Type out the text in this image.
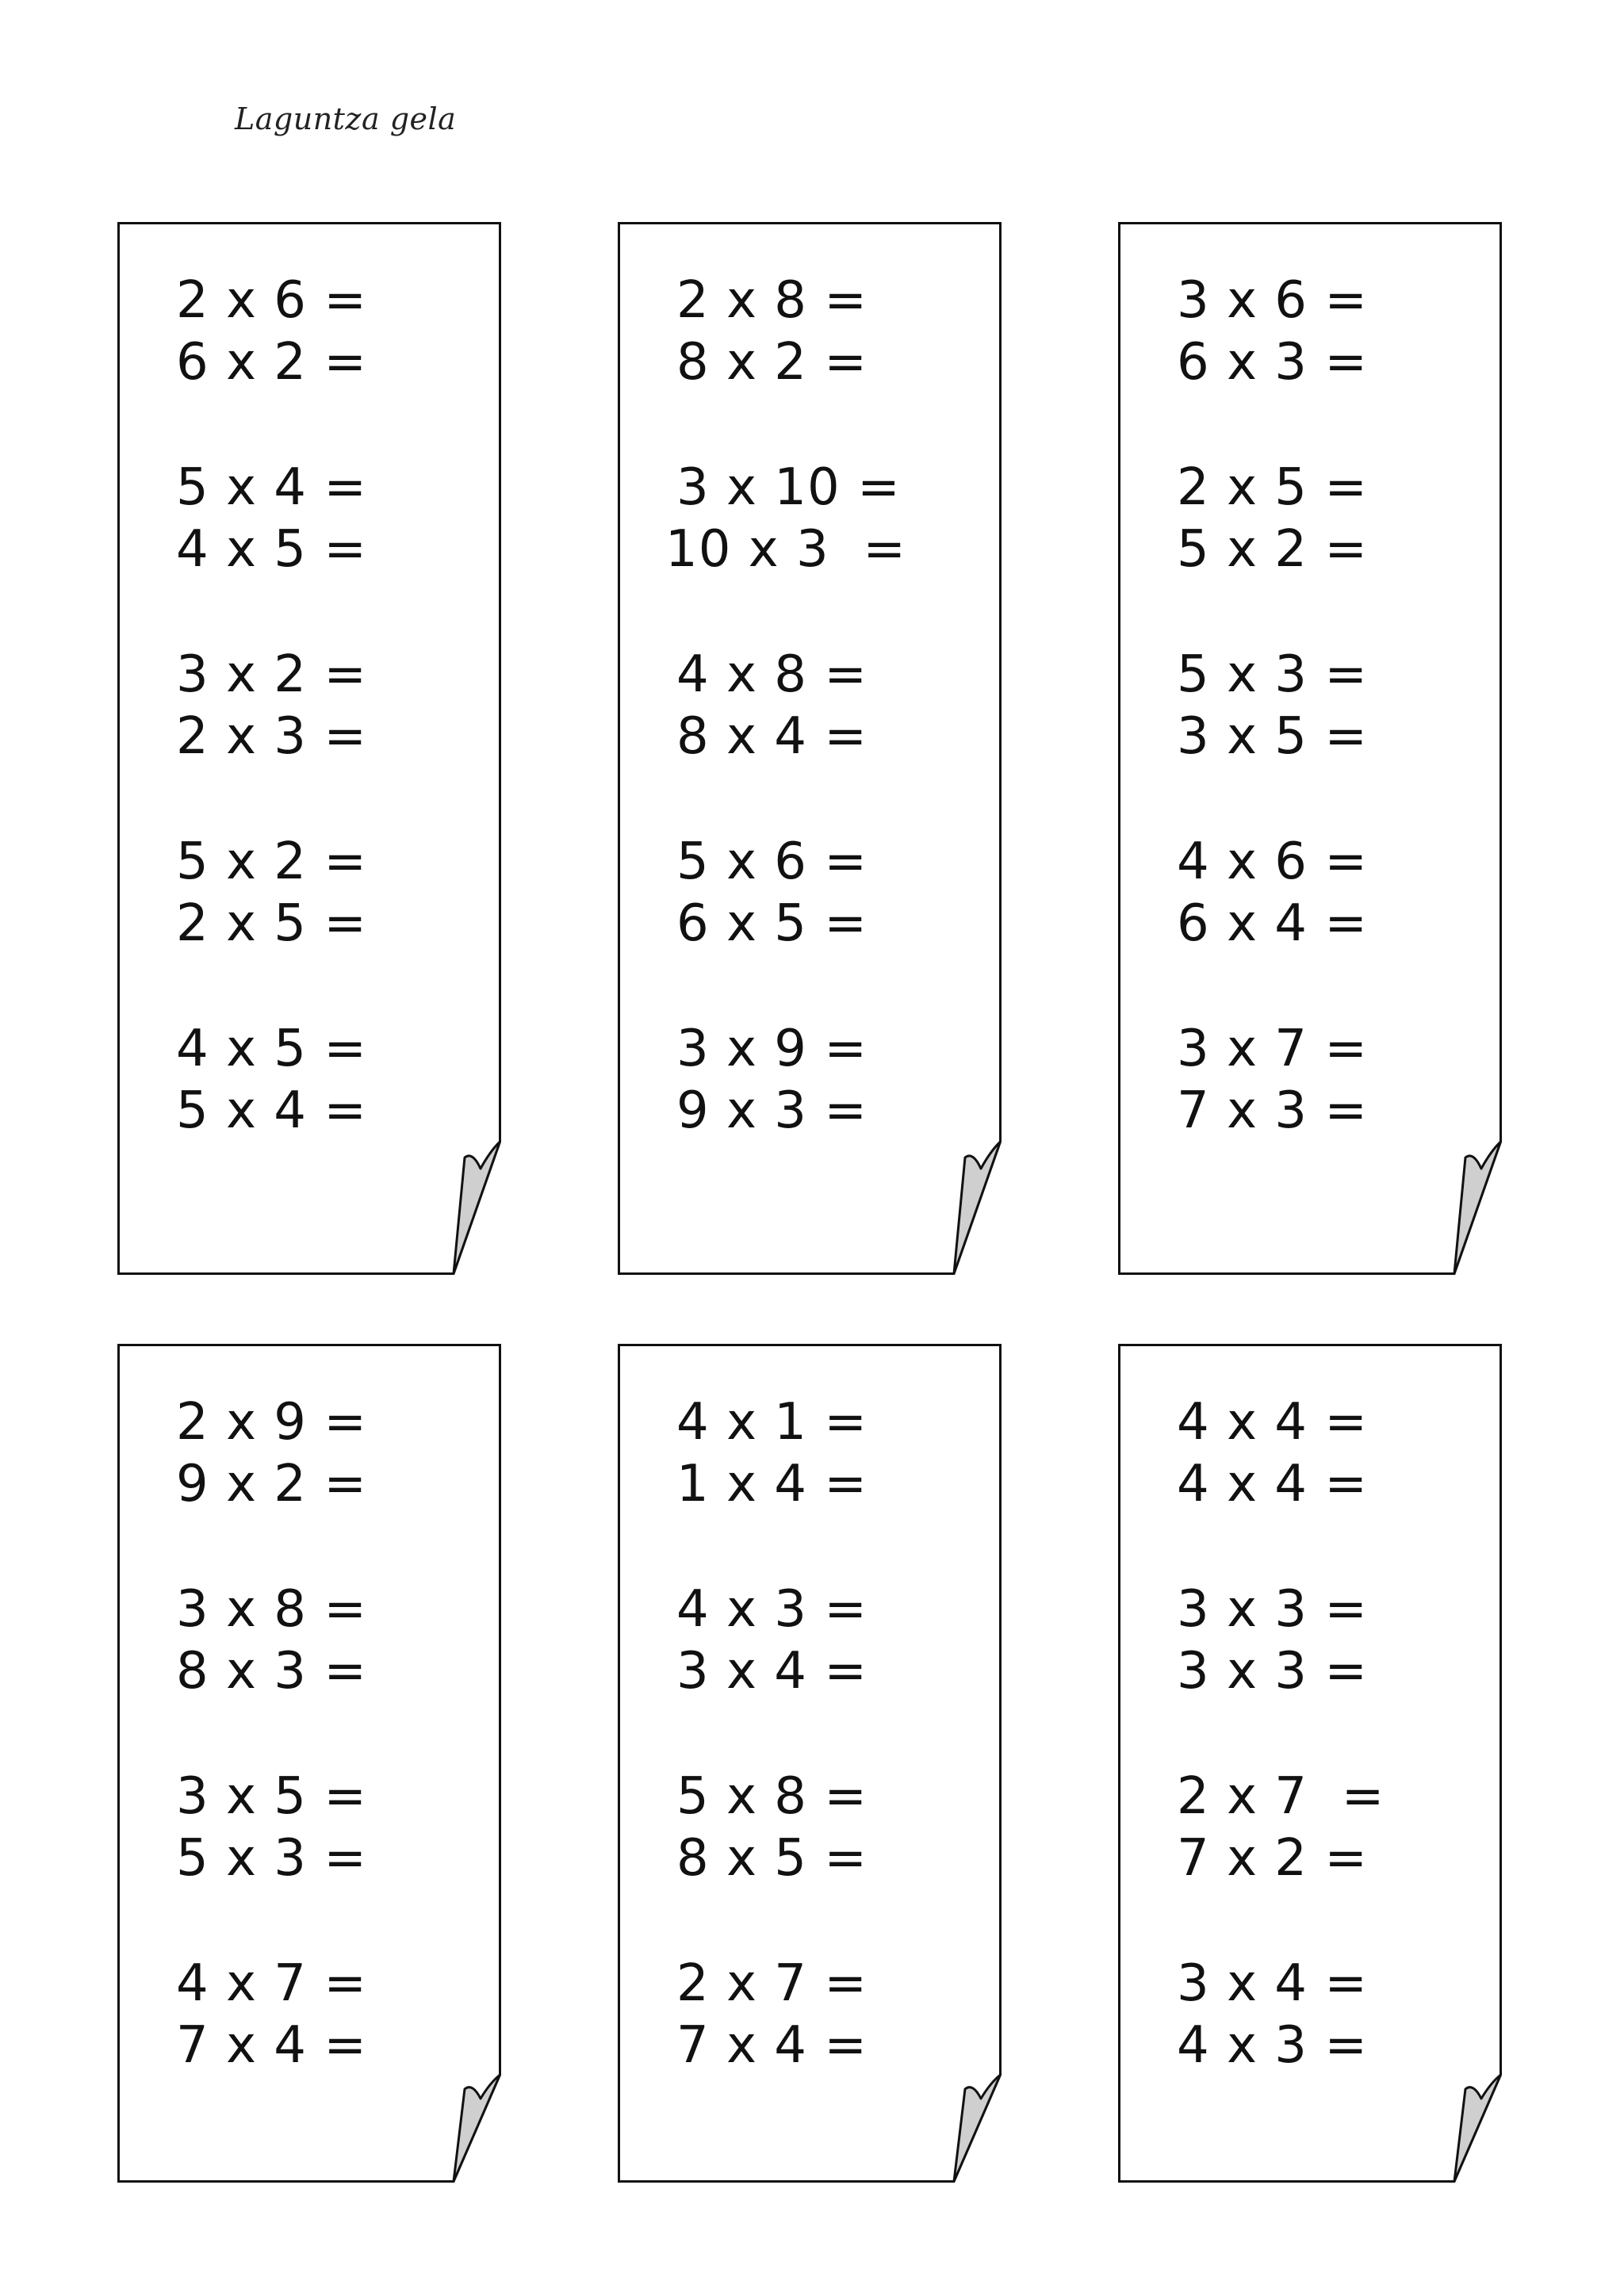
Laguntza gela
2 x 6 =
6 x 2 =
5 x 4 =
4 x 5 =
3 x 2 =
2 x 3 =
5 x 2 =
2 x 5 =
4 x 5 =
5 x 4 =
2 x 8 =
8 x 2 =
3 x 10 =
10 x 3  =
4 x 8 =
8 x 4 =
5 x 6 =
6 x 5 =
3 x 9 =
9 x 3 =
3 x 6 =
6 x 3 =
2 x 5 =
5 x 2 =
5 x 3 =
3 x 5 =
4 x 6 =
6 x 4 =
3 x 7 =
7 x 3 =
2 x 9 =
9 x 2 =
3 x 8 =
8 x 3 =
3 x 5 =
5 x 3 =
4 x 7 =
7 x 4 =
4 x 1 =
1 x 4 =
4 x 3 =
3 x 4 =
5 x 8 =
8 x 5 =
2 x 7 =
7 x 4 =
4 x 4 =
4 x 4 =
3 x 3 =
3 x 3 =
2 x 7  =
7 x 2 =
3 x 4 =
4 x 3 =
